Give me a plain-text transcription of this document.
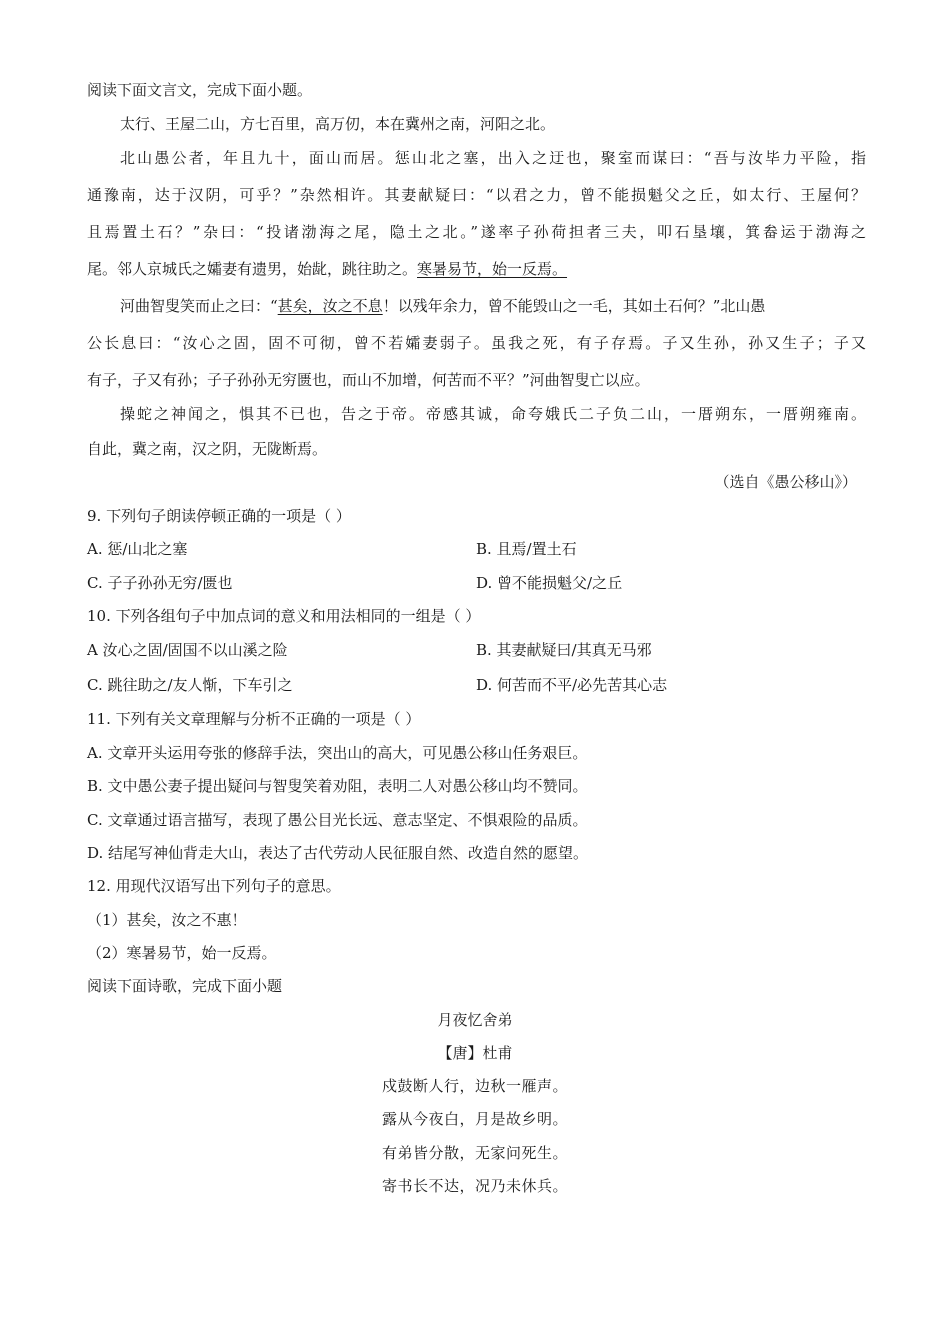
阅读下面文言文，完成下面小题。
太行、王屋二山，方七百里，高万仞，本在冀州之南，河阳之北。
北山愚公者，年且九十，面山而居。惩山北之塞，出入之迂也，聚室而谋曰：“吾与汝毕力平险，指
通豫南，达于汉阴，可乎？”杂然相许。其妻献疑曰：“以君之力，曾不能损魁父之丘，如太行、王屋何？
且焉置土石？”杂曰：“投诸渤海之尾，隐土之北。”遂率子孙荷担者三夫，叩石垦壤，箕畚运于渤海之
尾。邻人京城氏之孀妻有遗男，始龀，跳往助之。寒暑易节，始一反焉。
河曲智叟笑而止之曰：“甚矣，汝之不息！以残年余力，曾不能毁山之一毛，其如土石何？”北山愚
公长息曰：“汝心之固，固不可彻，曾不若孀妻弱子。虽我之死，有子存焉。子又生孙，孙又生子；子又
有子，子又有孙；子子孙孙无穷匮也，而山不加增，何苦而不平？”河曲智叟亡以应。
操蛇之神闻之，惧其不已也，告之于帝。帝感其诚，命夸娥氏二子负二山，一厝朔东，一厝朔雍南。
自此，冀之南，汉之阴，无陇断焉。
（选自《愚公移山》）
9. 下列句子朗读停顿正确的一项是（ ）
A. 惩/山北之塞	B. 且焉/置土石
C. 子子孙孙无穷/匮也	D. 曾不能损魁父/之丘
10. 下列各组句子中加点词的意义和用法相同的一组是（ ）
A 汝心之固/固国不以山溪之险	B. 其妻献疑曰/其真无马邪
C. 跳往助之/友人惭，下车引之	D. 何苦而不平/必先苦其心志
11. 下列有关文章理解与分析不正确的一项是（ ）
A. 文章开头运用夸张的修辞手法，突出山的高大，可见愚公移山任务艰巨。
B. 文中愚公妻子提出疑问与智叟笑着劝阻，表明二人对愚公移山均不赞同。
C. 文章通过语言描写，表现了愚公目光长远、意志坚定、不惧艰险的品质。
D. 结尾写神仙背走大山，表达了古代劳动人民征服自然、改造自然的愿望。
12. 用现代汉语写出下列句子的意思。
（1）甚矣，汝之不惠！
（2）寒暑易节，始一反焉。
阅读下面诗歌，完成下面小题
月夜忆舍弟
【唐】杜甫
戍鼓断人行，边秋一雁声。
露从今夜白，月是故乡明。
有弟皆分散，无家问死生。
寄书长不达，况乃未休兵。
